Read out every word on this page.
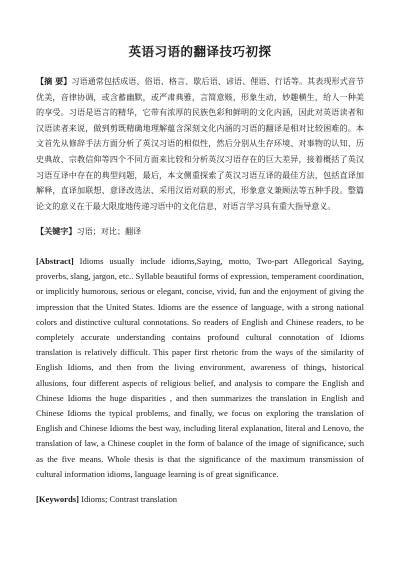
英语习语的翻译技巧初探

【摘 要】习语通常包括成语、俗语、格言、歇后语、谚语、俚语、行话等。其表现形式音节优美，音律协调，或含蓄幽默，或严肃典雅，言简意赅，形象生动，妙趣横生，给人一种美的享受。习语是语言的精华，它带有浓厚的民族色彩和鲜明的文化内涵，因此对英语读者和汉语读者来说，做到剪既精确地理解蕴含深刻文化内涵的习语的翻译是相对比较困难的。本文首先从修辞手法方面分析了英汉习语的相似性，然后分别从生存环境、对事物的认知、历史典故、宗教信仰等四个不同方面来比较和分析英汉习语存在的巨大差异，接着概括了英汉习语互译中存在的典型问题，最后，本文侧重探索了英汉习语互译的最佳方法，包括直译加解释，直译加联想、意译改选法、采用汉语对联的形式，形象意义兼顾法等五种手段。整篇论文的意义在于最大限度地传递习语中的文化信息，对语言学习具有重大指导意义。

【关键字】习语；对比；翻译

[Abstract] Idioms usually include idioms,Saying, motto, Two-part Allegorical Saying, proverbs, slang, jargon, etc.. Syllable beautiful forms of expression, temperament coordination, or implicitly humorous, serious or elegant, concise, vivid, fun and the enjoyment of giving the impression that the United States. Idioms are the essence of language, with a strong national colors and distinctive cultural connotations. So readers of English and Chinese readers, to be completely accurate understanding contains profound cultural connotation of Idioms translation is relatively difficult. This paper first rhetoric from the ways of the similarity of English Idioms, and then from the living environment, awareness of things, historical allusions, four different aspects of religious belief, and analysis to compare the English and Chinese Idioms the huge disparities , and then summarizes the translation in English and Chinese Idioms the typical problems, and finally, we focus on exploring the translation of English and Chinese Idioms the best way, including literal explanation, literal and Lenovo, the translation of law, a Chinese couplet in the form of balance of the image of significance, such as the five means. Whole thesis is that the significance of the maximum transmission of cultural information idioms, language learning is of great significance.

[Keywords] Idioms; Contrast translation
